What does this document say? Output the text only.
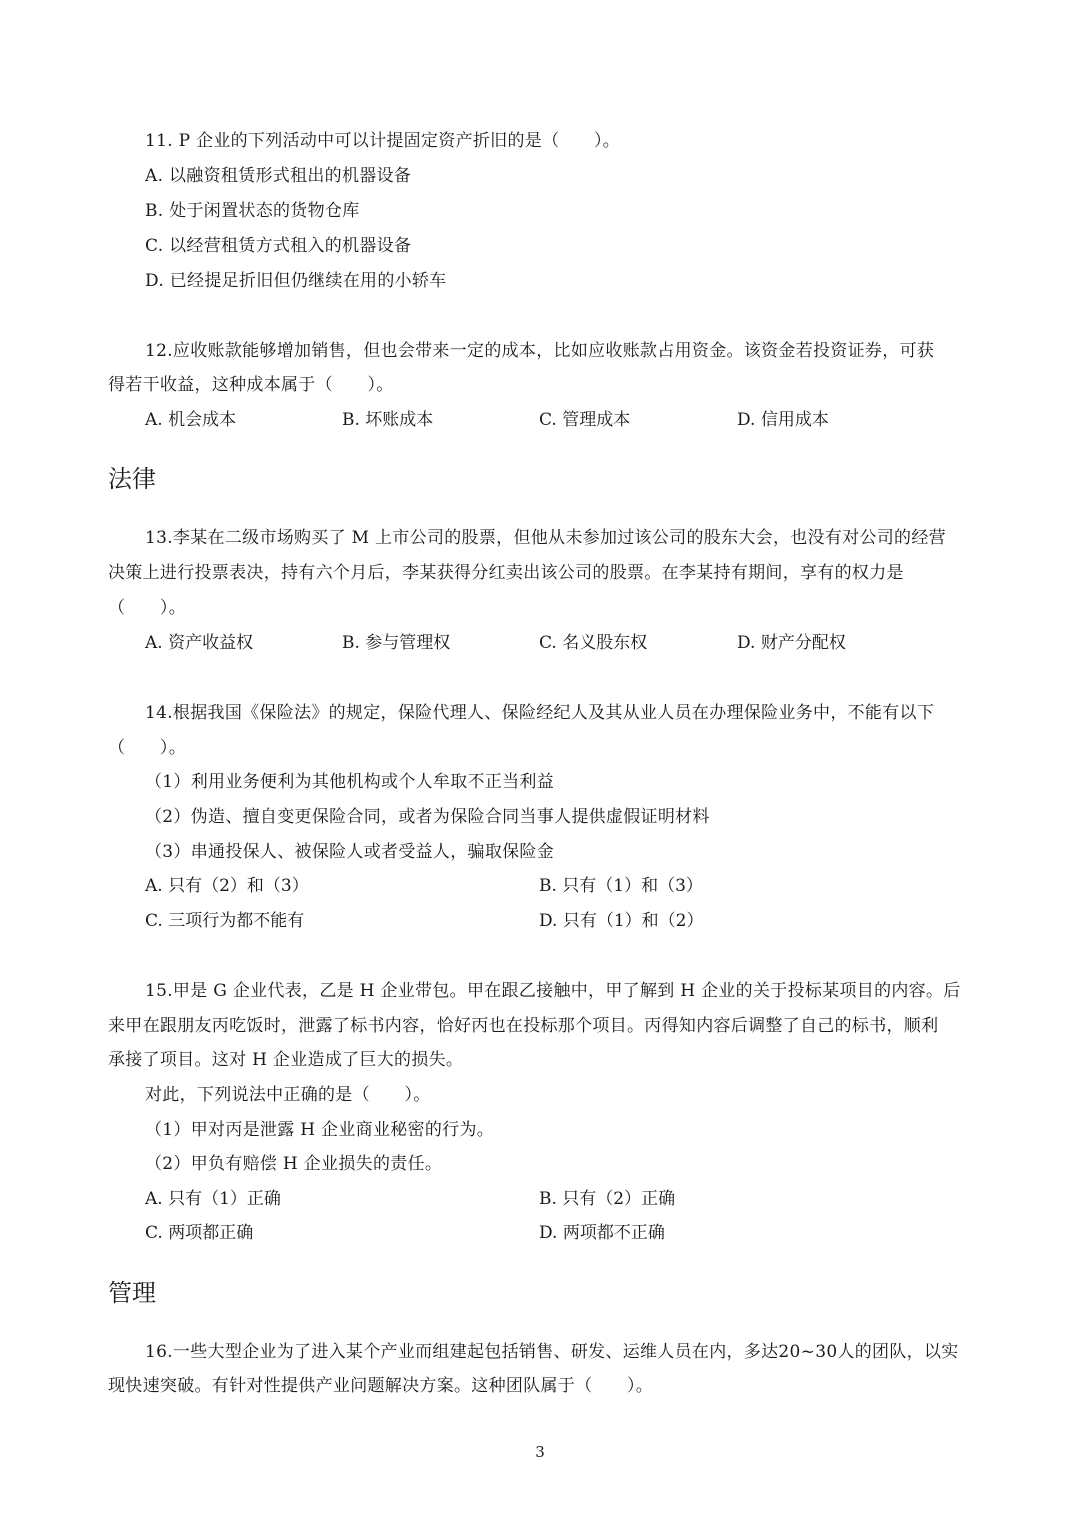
11. P 企业的下列活动中可以计提固定资产折旧的是（　　）。
A. 以融资租赁形式租出的机器设备
B. 处于闲置状态的货物仓库
C. 以经营租赁方式租入的机器设备
D. 已经提足折旧但仍继续在用的小轿车
12.应收账款能够增加销售，但也会带来一定的成本，比如应收账款占用资金。该资金若投资证券，可获
得若干收益，这种成本属于（　　）。
A. 机会成本	B. 坏账成本	C. 管理成本	D. 信用成本
法律
13.李某在二级市场购买了 M 上市公司的股票，但他从未参加过该公司的股东大会，也没有对公司的经营
决策上进行投票表决，持有六个月后，李某获得分红卖出该公司的股票。在李某持有期间，享有的权力是
（　　）。
A. 资产收益权	B. 参与管理权	C. 名义股东权	D. 财产分配权
14.根据我国《保险法》的规定，保险代理人、保险经纪人及其从业人员在办理保险业务中，不能有以下
（　　）。
（1）利用业务便利为其他机构或个人牟取不正当利益
（2）伪造、擅自变更保险合同，或者为保险合同当事人提供虚假证明材料
（3）串通投保人、被保险人或者受益人，骗取保险金
A. 只有（2）和（3）	B. 只有（1）和（3）
C. 三项行为都不能有	D. 只有（1）和（2）
15.甲是 G 企业代表，乙是 H 企业带包。甲在跟乙接触中，甲了解到 H 企业的关于投标某项目的内容。后
来甲在跟朋友丙吃饭时，泄露了标书内容，恰好丙也在投标那个项目。丙得知内容后调整了自己的标书，顺利
承接了项目。这对 H 企业造成了巨大的损失。
对此，下列说法中正确的是（　　）。
（1）甲对丙是泄露 H 企业商业秘密的行为。
（2）甲负有赔偿 H 企业损失的责任。
A. 只有（1）正确	B. 只有（2）正确
C. 两项都正确	D. 两项都不正确
管理
16.一些大型企业为了进入某个产业而组建起包括销售、研发、运维人员在内，多达20~30人的团队，以实
现快速突破。有针对性提供产业问题解决方案。这种团队属于（　　）。
3
